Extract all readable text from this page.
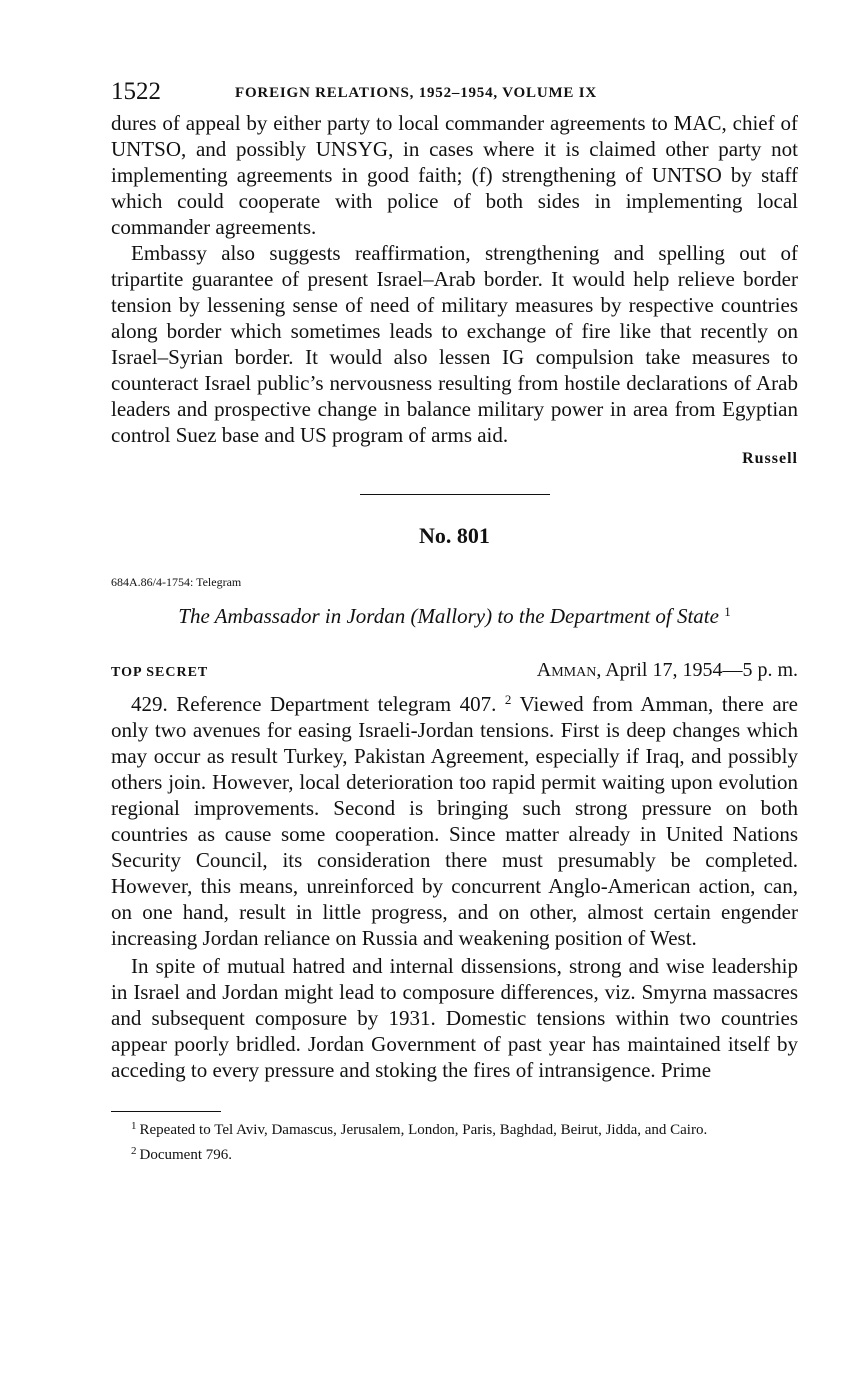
1522	FOREIGN RELATIONS, 1952–1954, VOLUME IX

dures of appeal by either party to local commander agreements to MAC, chief of UNTSO, and possibly UNSYG, in cases where it is claimed other party not implementing agreements in good faith; (f) strengthening of UNTSO by staff which could cooperate with police of both sides in implementing local commander agreements.

Embassy also suggests reaffirmation, strengthening and spelling out of tripartite guarantee of present Israel–Arab border. It would help relieve border tension by lessening sense of need of military measures by respective countries along border which sometimes leads to exchange of fire like that recently on Israel–Syrian border. It would also lessen IG compulsion take measures to counteract Israel public’s nervousness resulting from hostile declarations of Arab leaders and prospective change in balance military power in area from Egyptian control Suez base and US program of arms aid.

Russell
No. 801
684A.86/4-1754: Telegram
The Ambassador in Jordan (Mallory) to the Department of State $^1$
TOP SECRET	Amman, April 17, 1954—5 p. m.

429. Reference Department telegram 407. $^2$ Viewed from Amman, there are only two avenues for easing Israeli-Jordan tensions. First is deep changes which may occur as result Turkey, Pakistan Agreement, especially if Iraq, and possibly others join. However, local deterioration too rapid permit waiting upon evolution regional improvements. Second is bringing such strong pressure on both countries as cause some cooperation. Since matter already in United Nations Security Council, its consideration there must presumably be completed. However, this means, unreinforced by concurrent Anglo-American action, can, on one hand, result in little progress, and on other, almost certain engender increasing Jordan reliance on Russia and weakening position of West.

In spite of mutual hatred and internal dissensions, strong and wise leadership in Israel and Jordan might lead to composure differences, viz. Smyrna massacres and subsequent composure by 1931. Domestic tensions within two countries appear poorly bridled. Jordan Government of past year has maintained itself by acceding to every pressure and stoking the fires of intransigence. Prime

$^1$ Repeated to Tel Aviv, Damascus, Jerusalem, London, Paris, Baghdad, Beirut, Jidda, and Cairo.

$^2$ Document 796.
